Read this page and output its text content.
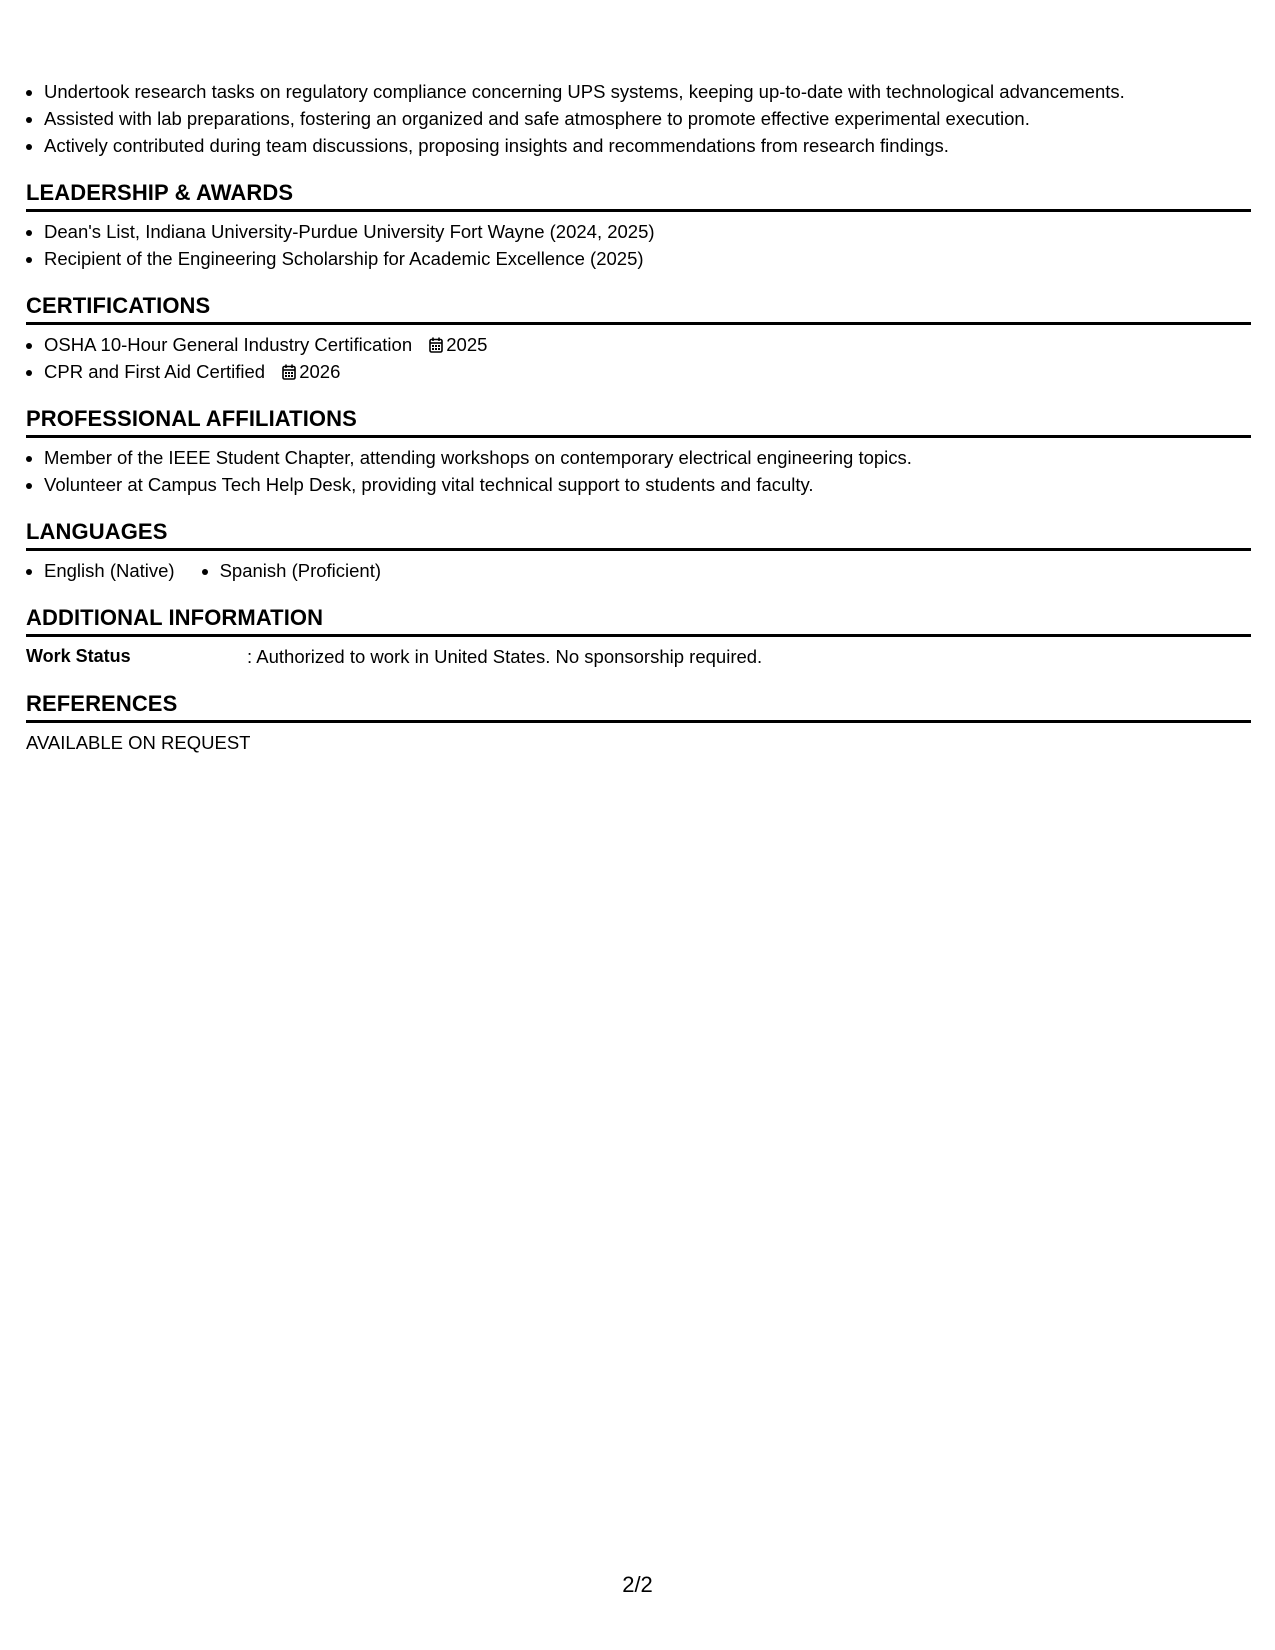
• Undertook research tasks on regulatory compliance concerning UPS systems, keeping up-to-date with technological advancements.
• Assisted with lab preparations, fostering an organized and safe atmosphere to promote effective experimental execution.
• Actively contributed during team discussions, proposing insights and recommendations from research findings.
LEADERSHIP & AWARDS
• Dean's List, Indiana University-Purdue University Fort Wayne (2024, 2025)
• Recipient of the Engineering Scholarship for Academic Excellence (2025)
CERTIFICATIONS
• OSHA 10-Hour General Industry Certification 2025
• CPR and First Aid Certified 2026
PROFESSIONAL AFFILIATIONS
• Member of the IEEE Student Chapter, attending workshops on contemporary electrical engineering topics.
• Volunteer at Campus Tech Help Desk, providing vital technical support to students and faculty.
LANGUAGES
• English (Native)
• Spanish (Proficient)
ADDITIONAL INFORMATION
Work Status	: Authorized to work in United States. No sponsorship required.
REFERENCES
AVAILABLE ON REQUEST
2/2
